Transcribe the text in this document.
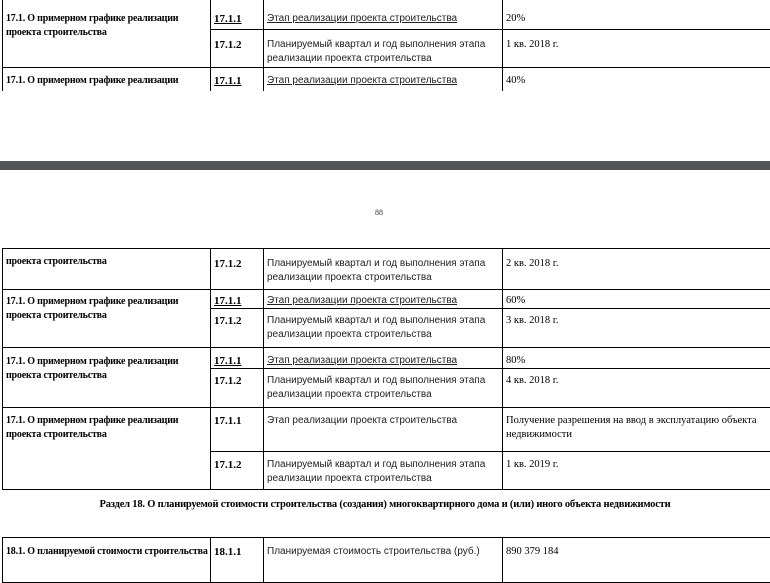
17.1. О примерном графике реализации проекта строительства	17.1.1	Этап реализации проекта строительства	20%
	17.1.2	Планируемый квартал и год выполнения этапа реализации проекта строительства	1 кв. 2018 г.
17.1. О примерном графике реализации	17.1.1	Этап реализации проекта строительства	40%
88
проекта строительства	17.1.2	Планируемый квартал и год выполнения этапа реализации проекта строительства	2 кв. 2018 г.
17.1. О примерном графике реализации проекта строительства	17.1.1	Этап реализации проекта строительства	60%
	17.1.2	Планируемый квартал и год выполнения этапа реализации проекта строительства	3 кв. 2018 г.
17.1. О примерном графике реализации проекта строительства	17.1.1	Этап реализации проекта строительства	80%
	17.1.2	Планируемый квартал и год выполнения этапа реализации проекта строительства	4 кв. 2018 г.
17.1. О примерном графике реализации проекта строительства	17.1.1	Этап реализации проекта строительства	Получение разрешения на ввод в эксплуатацию объекта недвижимости
	17.1.2	Планируемый квартал и год выполнения этапа реализации проекта строительства	1 кв. 2019 г.
Раздел 18. О планируемой стоимости строительства (создания) многоквартирного дома и (или) иного объекта недвижимости
18.1. О планируемой стоимости строительства	18.1.1	Планируемая стоимость строительства (руб.)	890 379 184
